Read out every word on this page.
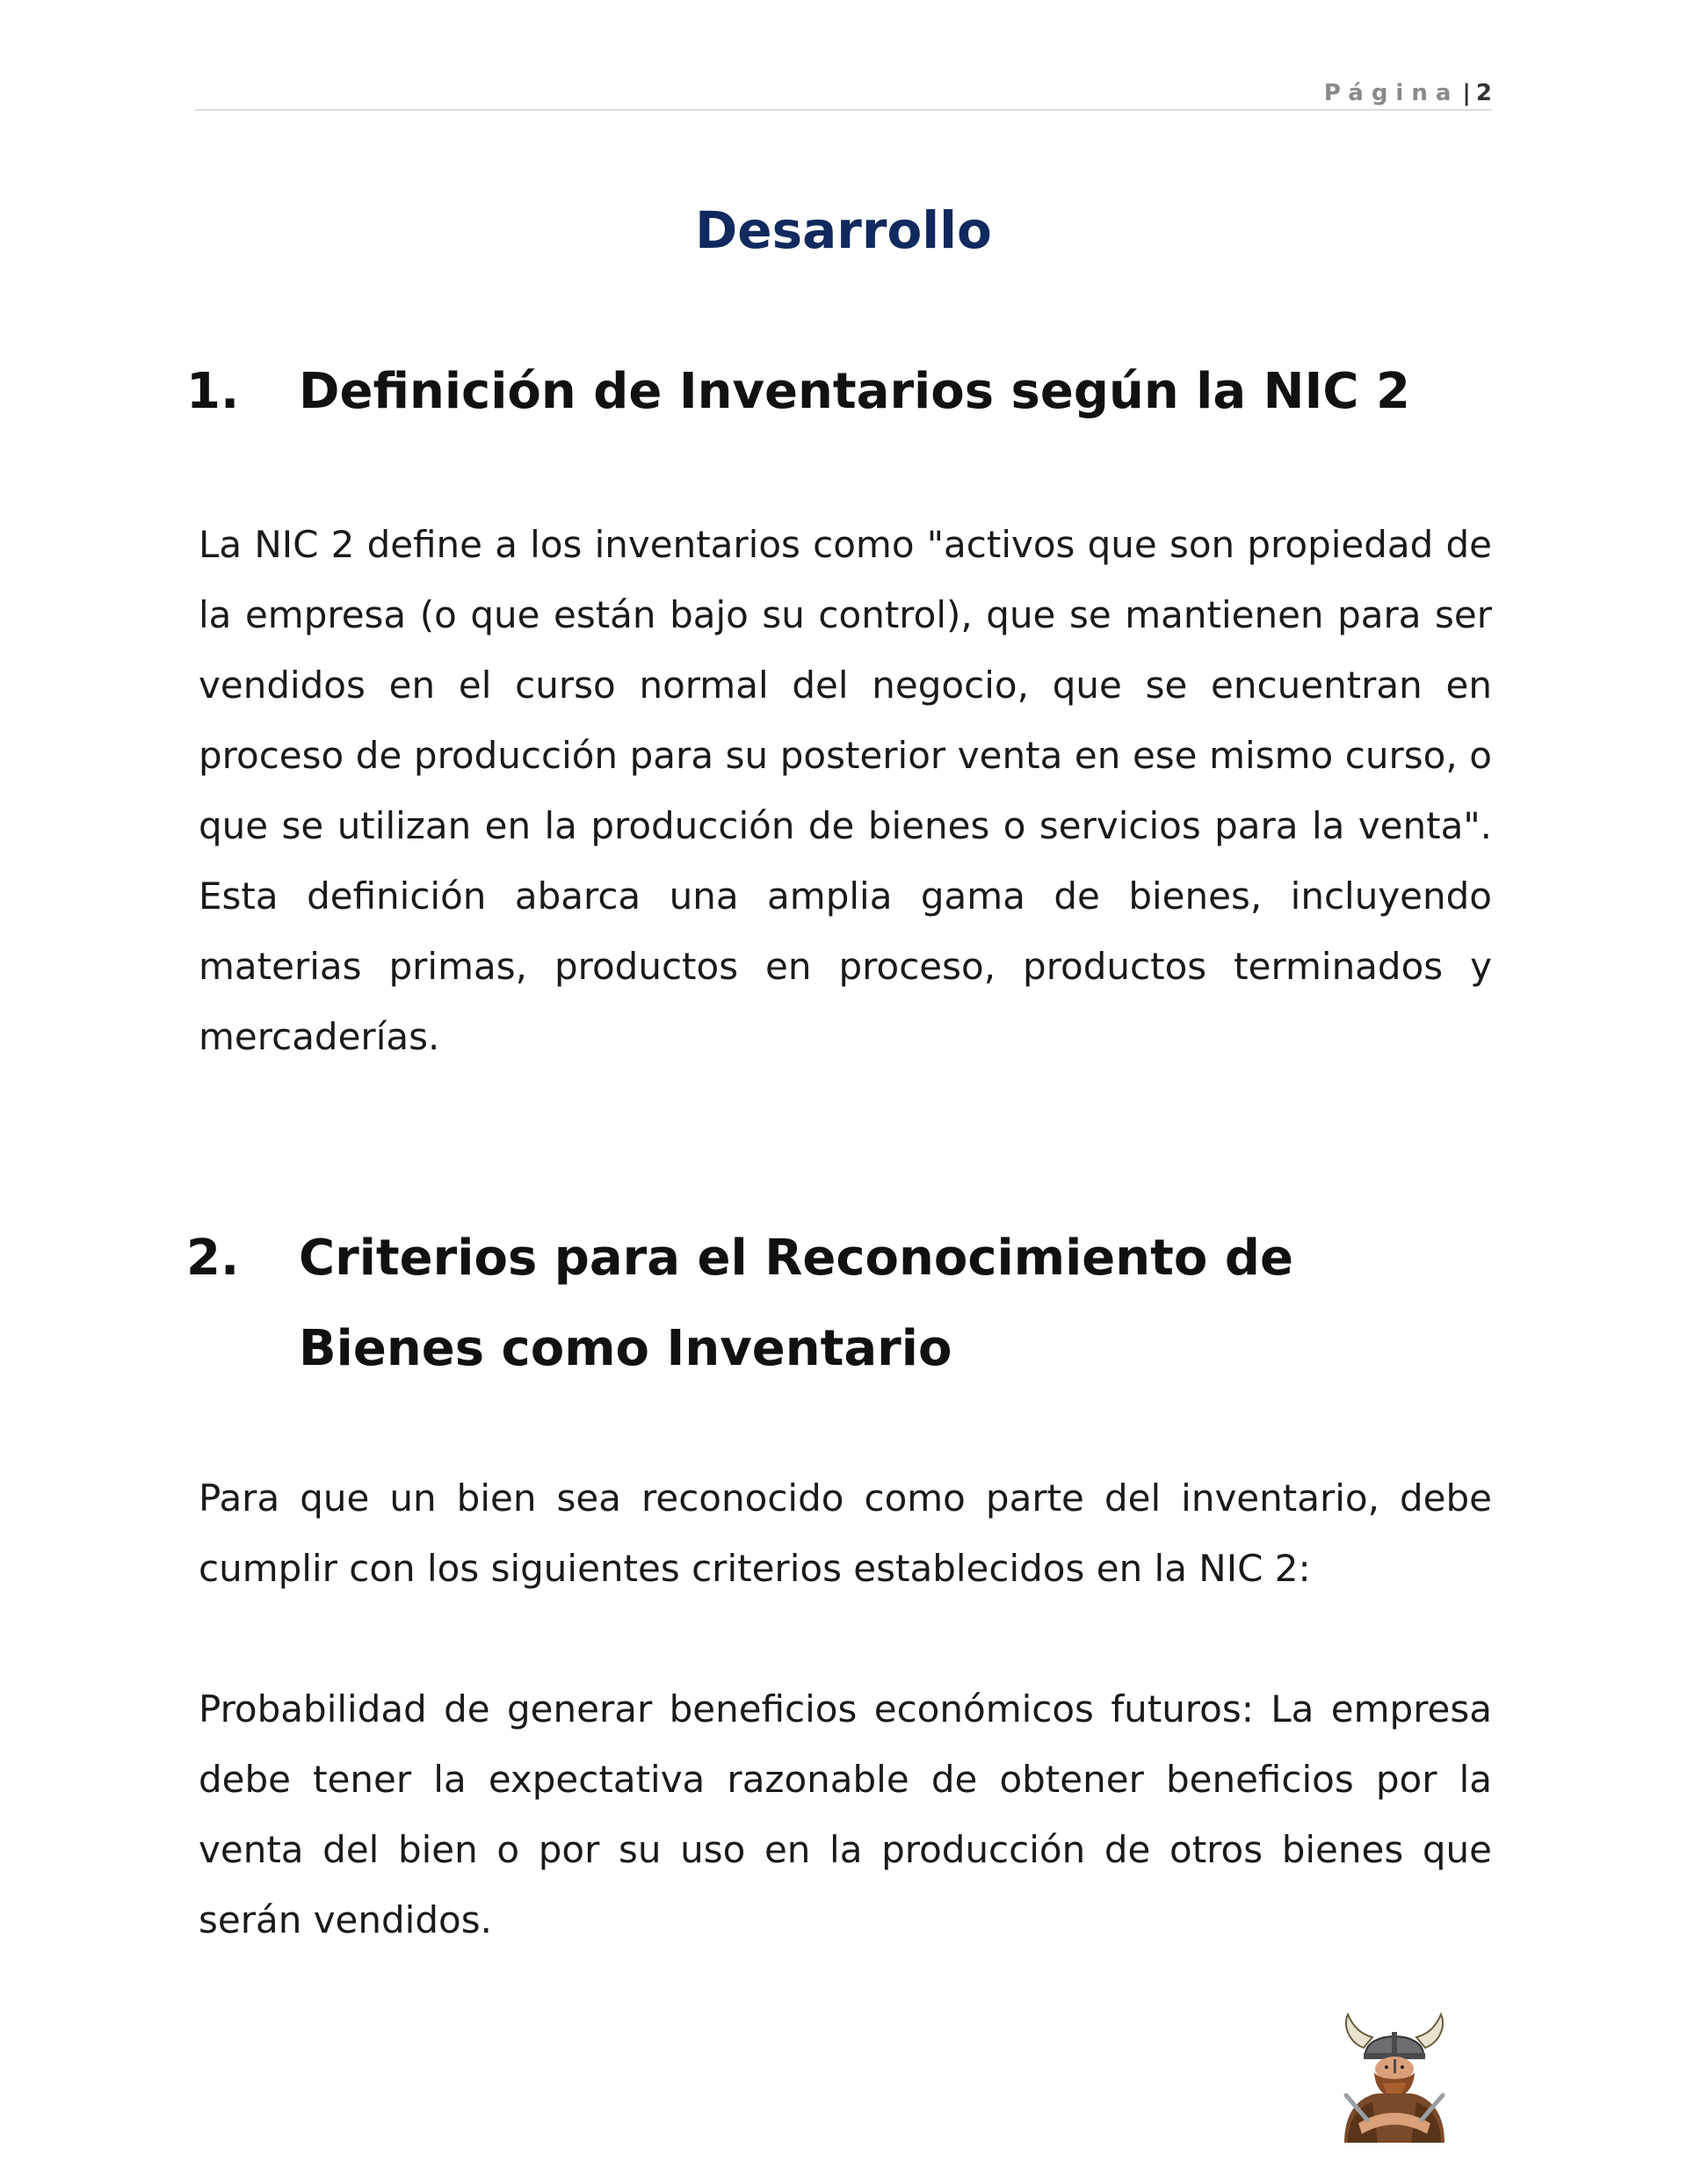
Página | 2
Desarrollo
1. Definición de Inventarios según la NIC 2

La NIC 2 define a los inventarios como "activos que son propiedad de la empresa (o que están bajo su control), que se mantienen para ser vendidos en el curso normal del negocio, que se encuentran en proceso de producción para su posterior venta en ese mismo curso, o que se utilizan en la producción de bienes o servicios para la venta". Esta definición abarca una amplia gama de bienes, incluyendo materias primas, productos en proceso, productos terminados y mercaderías.

2. Criterios para el Reconocimiento de Bienes como Inventario

Para que un bien sea reconocido como parte del inventario, debe cumplir con los siguientes criterios establecidos en la NIC 2:

Probabilidad de generar beneficios económicos futuros: La empresa debe tener la expectativa razonable de obtener beneficios por la venta del bien o por su uso en la producción de otros bienes que serán vendidos.
